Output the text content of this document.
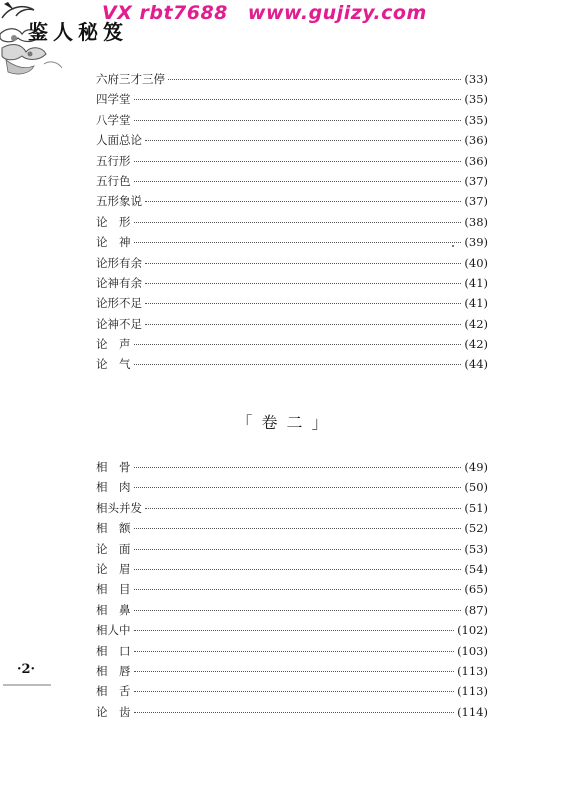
鉴人秘笈
VX rbt7688 www.gujizy.com
六府三才三停	(33)
四学堂	(35)
八学堂	(35)
人面总论	(36)
五行形	(36)
五行色	(37)
五形象说	(37)
论　形	(38)
论　神	(39)
论形有余	(40)
论神有余	(41)
论形不足	(41)
论神不足	(42)
论　声	(42)
论　气	(44)
「 卷 二 」
相　骨	(49)
相　肉	(50)
相头并发	(51)
相　额	(52)
论　面	(53)
论　眉	(54)
相　目	(65)
相　鼻	(87)
相人中	(102)
相　口	(103)
相　唇	(113)
相　舌	(113)
论　齿	(114)
·2·
